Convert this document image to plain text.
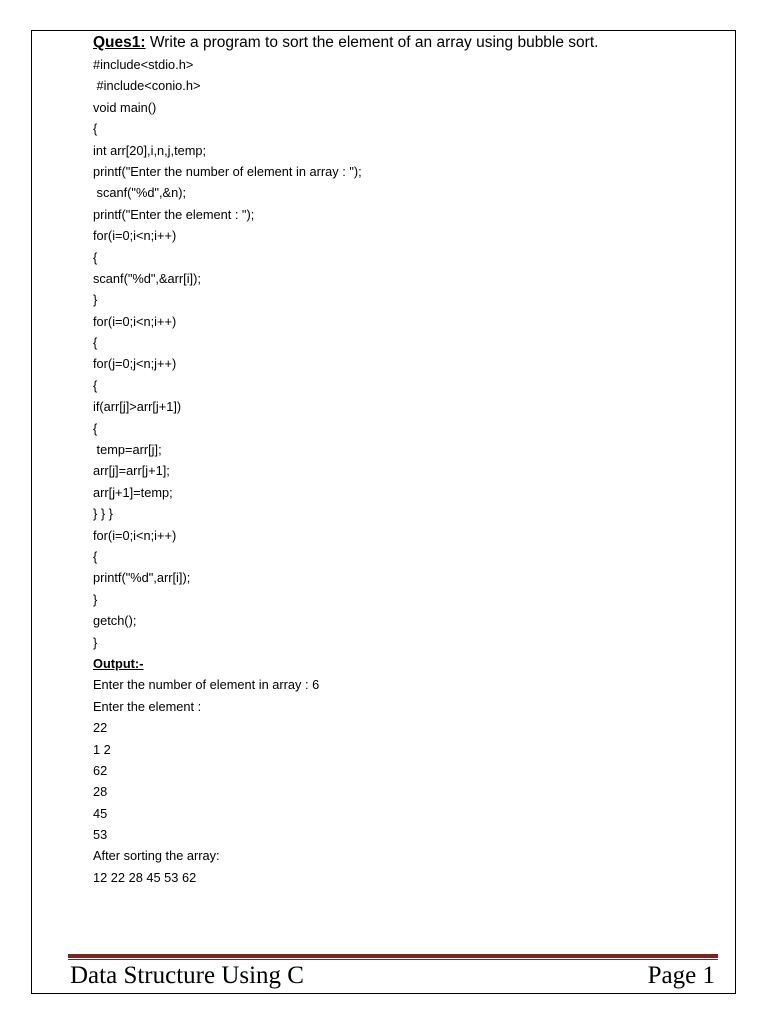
Ques1: Write a program to sort the element of an array using bubble sort.
#include<stdio.h>
#include<conio.h>
void main()
{
int arr[20],i,n,j,temp;
printf("Enter the number of element in array : ");
scanf("%d",&n);
printf("Enter the element : ");
for(i=0;i<n;i++)
{
scanf("%d",&arr[i]);
}
for(i=0;i<n;i++)
{
for(j=0;j<n;j++)
{
if(arr[j]>arr[j+1])
{
temp=arr[j];
arr[j]=arr[j+1];
arr[j+1]=temp;
} } }
for(i=0;i<n;i++)
{
printf("%d",arr[i]);
}
getch();
}
Output:-
Enter the number of element in array : 6
Enter the element :
22
1 2
62
28
45
53
After sorting the array:
12 22 28 45 53 62
Data Structure Using C	Page 1
